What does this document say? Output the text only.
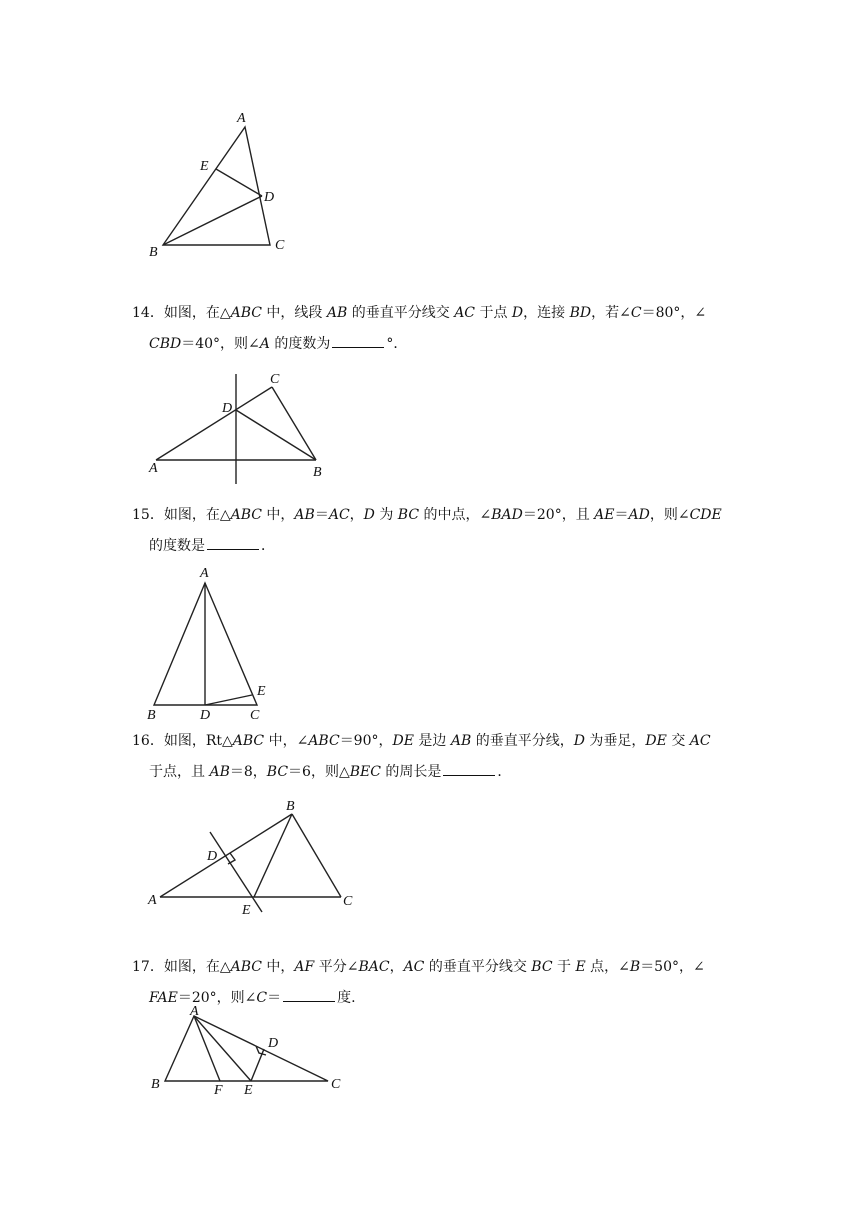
A
E
D
B	C

14．如图，在△ABC 中，线段 AB 的垂直平分线交 AC 于点 D，连接 BD，若∠C＝80°，∠

CBD＝40°，则∠A 的度数为	°．

C
D
A	B

15．如图，在△ABC 中，AB＝AC，D 为 BC 的中点，∠BAD＝20°，且 AE＝AD，则∠CDE

的度数是	．

A
E
B	D	C

16．如图，Rt△ABC 中，∠ABC＝90°，DE 是边 AB 的垂直平分线，D 为垂足，DE 交 AC

于点，且 AB＝8，BC＝6，则△BEC 的周长是	．

B
D
A
E
C

17．如图，在△ABC 中，AF 平分∠BAC，AC 的垂直平分线交 BC 于 E 点，∠B＝50°，∠

FAE＝20°，则∠C＝	度.

A
D
B	F E	C
